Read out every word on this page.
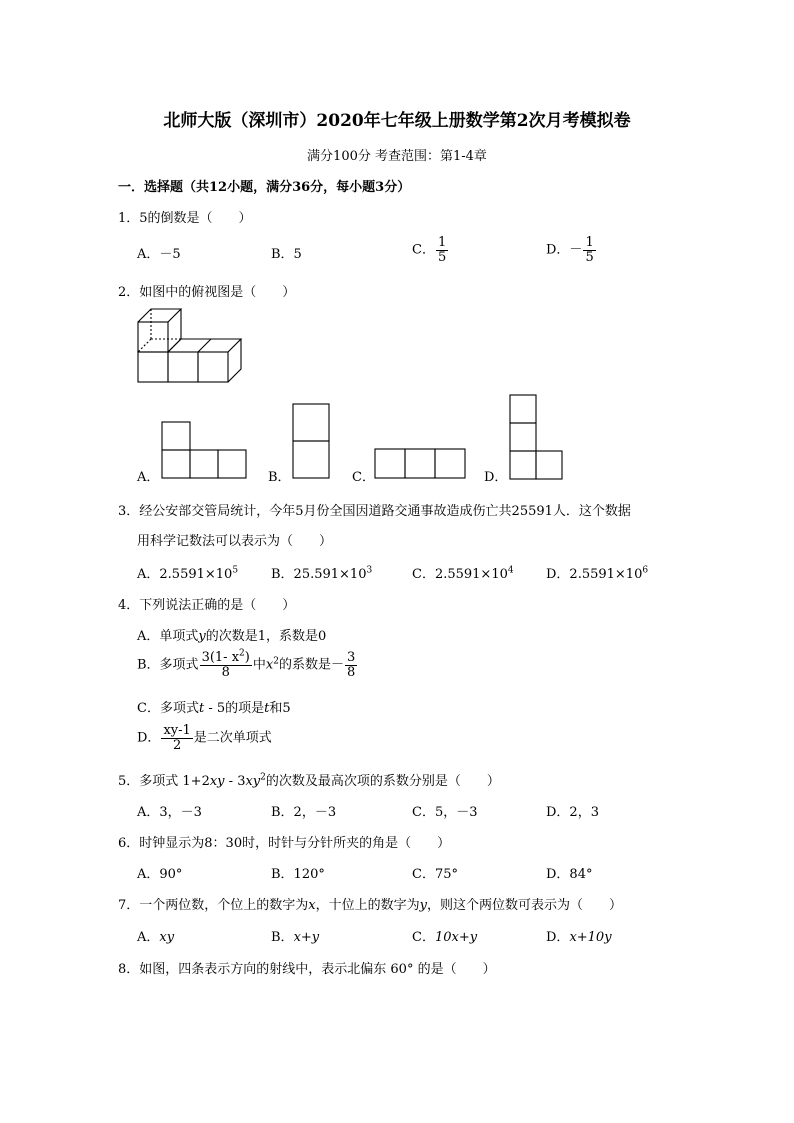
北师大版（深圳市）2020年七年级上册数学第2次月考模拟卷
满分100分 考查范围：第1-4章
一．选择题（共12小题，满分36分，每小题3分）
1．5的倒数是（　　）
A．－5	B．5	C． $\frac{1}{5}$	D．－ $\frac{1}{5}$
2．如图中的俯视图是（　　）
A．	B．	C．	D．
3．经公安部交管局统计，今年5月份全国因道路交通事故造成伤亡共25591人．这个数据
用科学记数法可以表示为（　　）
A．$2.5591\times 10^5$	B．$25.591\times 10^3$	C．$2.5591\times 10^4$ D．$2.5591\times 10^6$
4．下列说法正确的是（　　）
A．单项式y的次数是1，系数是0
B．多项式 $\frac{3(1- x^2)}{8}$ 中$x^2$的系数是－ $\frac{3}{8}$
C．多项式t - 5的项是t和5
D． $\frac{xy-1}{2}$ 是二次单项式
5．多项式 $1+2xy - 3xy^2$的次数及最高次项的系数分别是（　　）
A．3，－3	B．2，－3	C．5，－3	D．2，3
6．时钟显示为8：30时，时针与分针所夹的角是（　　）
A．90°	B．120°	C．75°	D．84°
7．一个两位数，个位上的数字为x，十位上的数字为y，则这个两位数可表示为（　　）
A．xy	B．x+y	C．10x+y	D．x+10y
8．如图，四条表示方向的射线中，表示北偏东 60° 的是（　　）
